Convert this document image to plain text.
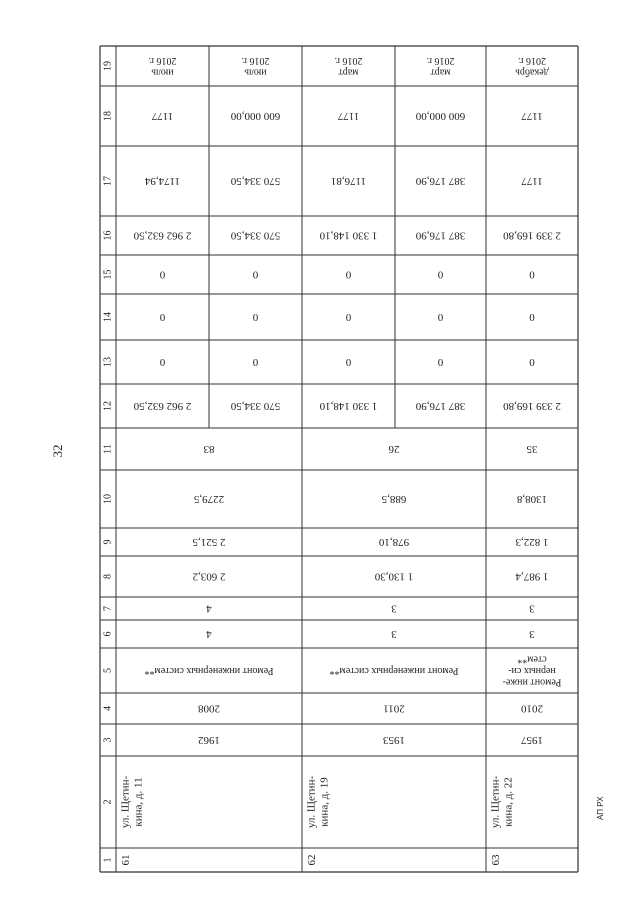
32
АП РХ
1
2
3
4
5
6
7
8
9
10
11
12
13
14
15
16
17
18
19
61
ул. Щетин- кина, д. 11
1962
2008
Ремонт инженерных систем**
4
4
2 603,2
2 521,5
2279,5
83
2 962 632,50
0
0
0
2 962 632,50
1174,94
1177
июль
2016 г.
570 334,50
0
0
0
570 334,50
570 334,50
600 000,00
июль
2016 г.
62
ул. Щетин- кина, д. 19
1953
2011
Ремонт инженерных систем**
3
3
1 130,30
978,10
688,5
26
1 330 148,10
0
0
0
1 330 148,10
1176,81
1177
март
2016 г.
387 176,90
0
0
0
387 176,90
387 176,90
600 000,00
март
2016 г.
63
ул. Щетин- кина, д. 22
1957
2010
Ремонт инже-
нерных си-
стем**
3
3
1 987,4
1 822,3
1308,8
35
2 339 169,80
0
0
0
2 339 169,80
1177
1177
декабрь
2016 г.
